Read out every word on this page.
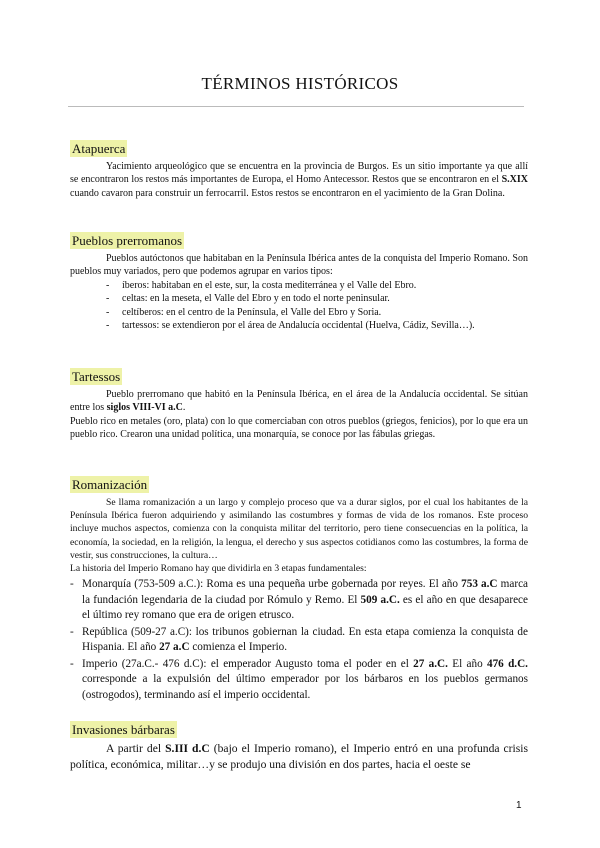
TÉRMINOS HISTÓRICOS
Atapuerca

Yacimiento arqueológico que se encuentra en la provincia de Burgos. Es un sitio importante ya que allí se encontraron los restos más importantes de Europa, el Homo Antecessor. Restos que se encontraron en el S.XIX cuando cavaron para construir un ferrocarril. Estos restos se encontraron en el yacimiento de la Gran Dolina.

Pueblos prerromanos

Pueblos autóctonos que habitaban en la Península Ibérica antes de la conquista del Imperio Romano. Son pueblos muy variados, pero que podemos agrupar en varios tipos:

- íberos: habitaban en el este, sur, la costa mediterránea y el Valle del Ebro.
- celtas: en la meseta, el Valle del Ebro y en todo el norte peninsular.
- celtíberos: en el centro de la Península, el Valle del Ebro y Soria.
- tartessos: se extendieron por el área de Andalucía occidental (Huelva, Cádiz, Sevilla…).
Tartessos

Pueblo prerromano que habitó en la Península Ibérica, en el área de la Andalucía occidental. Se sitúan entre los siglos VIII-VI a.C.

Pueblo rico en metales (oro, plata) con lo que comerciaban con otros pueblos (griegos, fenicios), por lo que era un pueblo rico. Crearon una unidad política, una monarquía, se conoce por las fábulas griegas.

Romanización

Se llama romanización a un largo y complejo proceso que va a durar siglos, por el cual los habitantes de la Península Ibérica fueron adquiriendo y asimilando las costumbres y formas de vida de los romanos. Este proceso incluye muchos aspectos, comienza con la conquista militar del territorio, pero tiene consecuencias en la política, la economía, la sociedad, en la religión, la lengua, el derecho y sus aspectos cotidianos como las costumbres, la forma de vestir, sus construcciones, la cultura…

La historia del Imperio Romano hay que dividirla en 3 etapas fundamentales:

- Monarquía (753-509 a.C.): Roma es una pequeña urbe gobernada por reyes. El año 753 a.C marca la fundación legendaria de la ciudad por Rómulo y Remo. El 509 a.C. es el año en que desaparece el último rey romano que era de origen etrusco.
- República (509-27 a.C): los tribunos gobiernan la ciudad. En esta etapa comienza la conquista de Hispania. El año 27 a.C comienza el Imperio.
- Imperio (27a.C.- 476 d.C): el emperador Augusto toma el poder en el 27 a.C. El año 476 d.C. corresponde a la expulsión del último emperador por los bárbaros en los pueblos germanos (ostrogodos), terminando así el imperio occidental.
Invasiones bárbaras

A partir del S.III d.C (bajo el Imperio romano), el Imperio entró en una profunda crisis política, económica, militar…y se produjo una división en dos partes, hacia el oeste se

1
